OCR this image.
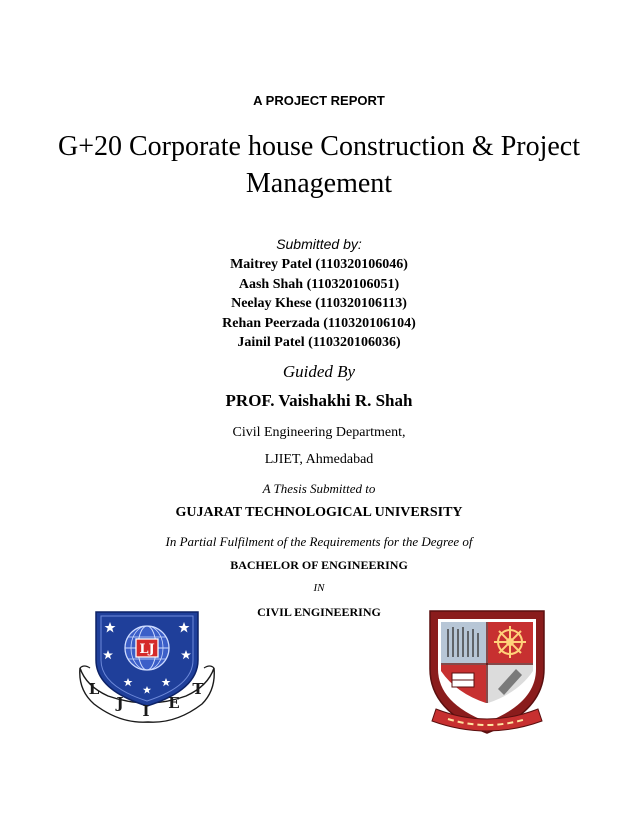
A PROJECT REPORT
G+20 Corporate house Construction & Project
Management
Submitted by:
Maitrey Patel (110320106046)
Aash Shah (110320106051)
Neelay Khese (110320106113)
Rehan Peerzada (110320106104)
Jainil Patel (110320106036)
Guided By
PROF. Vaishakhi R. Shah
Civil Engineering Department,
LJIET, Ahmedabad
A Thesis Submitted to
GUJARAT TECHNOLOGICAL UNIVERSITY
In Partial Fulfilment of the Requirements for the Degree of
BACHELOR OF ENGINEERING
IN
CIVIL ENGINEERING
LJ
L
J I E
T
